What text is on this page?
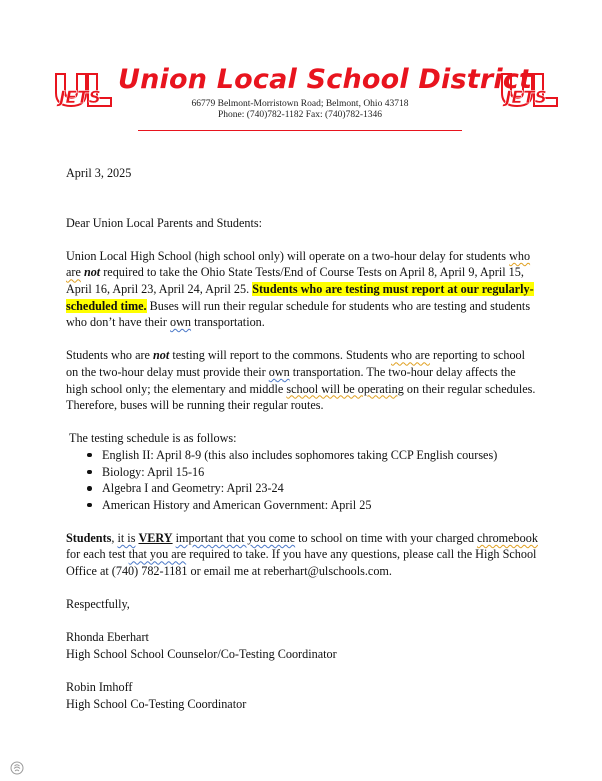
JETS
Union Local School District
JETS
66779 Belmont-Morristown Road; Belmont, Ohio 43718
Phone: (740)782-1182 Fax: (740)782-1346

April 3, 2025

Dear Union Local Parents and Students:

Union Local High School (high school only) will operate on a two-hour delay for students who are not required to take the Ohio State Tests/End of Course Tests on April 8, April 9, April 15, April 16, April 23, April 24, April 25. Students who are testing must report at our regularly-scheduled time. Buses will run their regular schedule for students who are testing and students who don’t have their own transportation.

Students who are not testing will report to the commons. Students who are reporting to school on the two-hour delay must provide their own transportation. The two-hour delay affects the high school only; the elementary and middle school will be operating on their regular schedules. Therefore, buses will be running their regular routes.

The testing schedule is as follows:

English II: April 8-9 (this also includes sophomores taking CCP English courses)
Biology: April 15-16
Algebra I and Geometry: April 23-24
American History and American Government: April 25

Students, it is VERY important that you come to school on time with your charged chromebook for each test that you are required to take. If you have any questions, please call the High School Office at (740) 782-1181 or email me at reberhart@ulschools.com.

Respectfully,

Rhonda Eberhart

High School School Counselor/Co-Testing Coordinator

Robin Imhoff

High School Co-Testing Coordinator
